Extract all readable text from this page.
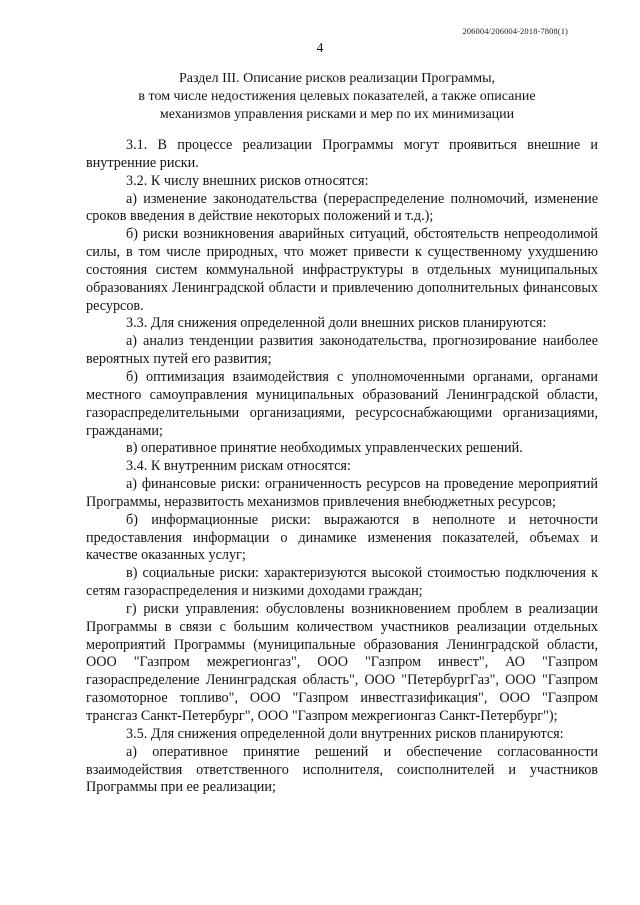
206004/206004-2018-7808(1)
4
Раздел III. Описание рисков реализации Программы,
в том числе недостижения целевых показателей, а также описание
механизмов управления рисками и мер по их минимизации

3.1. В процессе реализации Программы могут проявиться внешние и внутренние риски.

3.2. К числу внешних рисков относятся:

а) изменение законодательства (перераспределение полномочий, изменение сроков введения в действие некоторых положений и т.д.);

б) риски возникновения аварийных ситуаций, обстоятельств непреодолимой силы, в том числе природных, что может привести к существенному ухудшению состояния систем коммунальной инфраструктуры в отдельных муниципальных образованиях Ленинградской области и привлечению дополнительных финансовых ресурсов.

3.3. Для снижения определенной доли внешних рисков планируются:

а) анализ тенденции развития законодательства, прогнозирование наиболее вероятных путей его развития;

б) оптимизация взаимодействия с уполномоченными органами, органами местного самоуправления муниципальных образований Ленинградской области, газораспределительными организациями, ресурсоснабжающими организациями, гражданами;

в) оперативное принятие необходимых управленческих решений.

3.4. К внутренним рискам относятся:

а) финансовые риски: ограниченность ресурсов на проведение мероприятий Программы, неразвитость механизмов привлечения внебюджетных ресурсов;

б) информационные риски: выражаются в неполноте и неточности предоставления информации о динамике изменения показателей, объемах и качестве оказанных услуг;

в) социальные риски: характеризуются высокой стоимостью подключения к сетям газораспределения и низкими доходами граждан;

г) риски управления: обусловлены возникновением проблем в реализации Программы в связи с большим количеством участников реализации отдельных мероприятий Программы (муниципальные образования Ленинградской области, ООО "Газпром межрегионгаз", ООО "Газпром инвест", АО "Газпром газораспределение Ленинградская область", ООО "ПетербургГаз", ООО "Газпром газомоторное топливо", ООО "Газпром инвестгазификация", ООО "Газпром трансгаз Санкт-Петербург", ООО "Газпром межрегионгаз Санкт-Петербург");

3.5. Для снижения определенной доли внутренних рисков планируются:

а) оперативное принятие решений и обеспечение согласованности взаимодействия ответственного исполнителя, соисполнителей и участников Программы при ее реализации;
